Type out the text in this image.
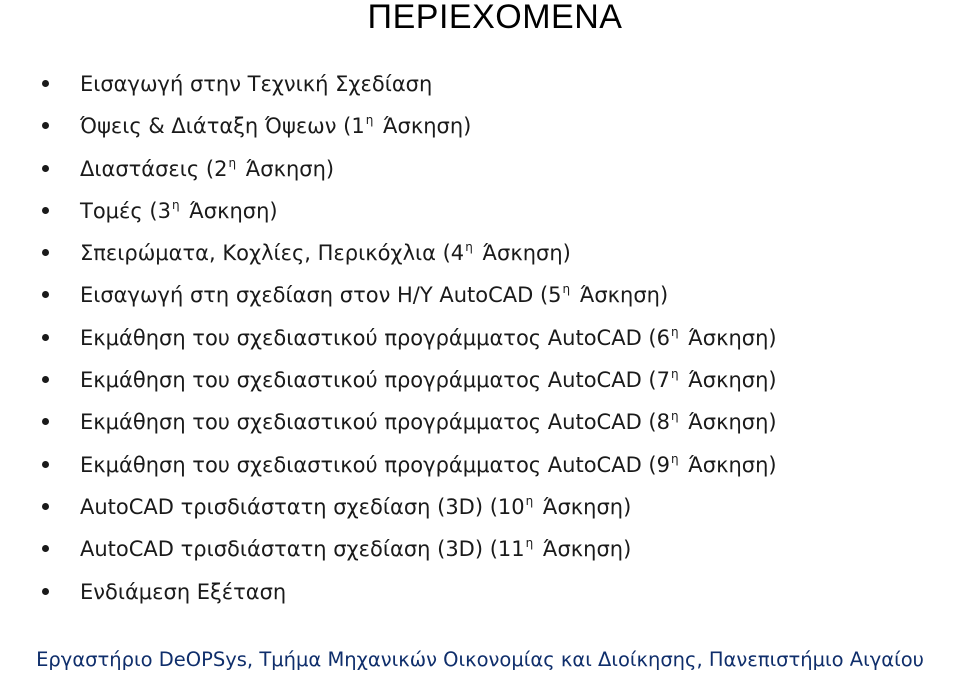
ΠΕΡΙΕΧΟΜΕΝΑ
Εισαγωγή στην Τεχνική Σχεδίαση
Όψεις & Διάταξη Όψεων ($1^\eta$ Άσκηση)
Διαστάσεις ($2^\eta$ Άσκηση)
Τομές ($3^\eta$ Άσκηση)
Σπειρώματα, Κοχλίες, Περικόχλια ($4^\eta$ Άσκηση)
Εισαγωγή στη σχεδίαση στον Η/Υ AutoCAD ($5^\eta$ Άσκηση)
Εκμάθηση του σχεδιαστικού προγράμματος AutoCAD ($6^\eta$ Άσκηση)
Εκμάθηση του σχεδιαστικού προγράμματος AutoCAD ($7^\eta$ Άσκηση)
Εκμάθηση του σχεδιαστικού προγράμματος AutoCAD ($8^\eta$ Άσκηση)
Εκμάθηση του σχεδιαστικού προγράμματος AutoCAD ($9^\eta$ Άσκηση)
AutoCAD τρισδιάστατη σχεδίαση (3D) ($10^\eta$ Άσκηση)
AutoCAD τρισδιάστατη σχεδίαση (3D) ($11^\eta$ Άσκηση)
Ενδιάμεση Εξέταση
Εργαστήριο DeOPSys, Τμήμα Μηχανικών Οικονομίας και Διοίκησης, Πανεπιστήμιο Αιγαίου
